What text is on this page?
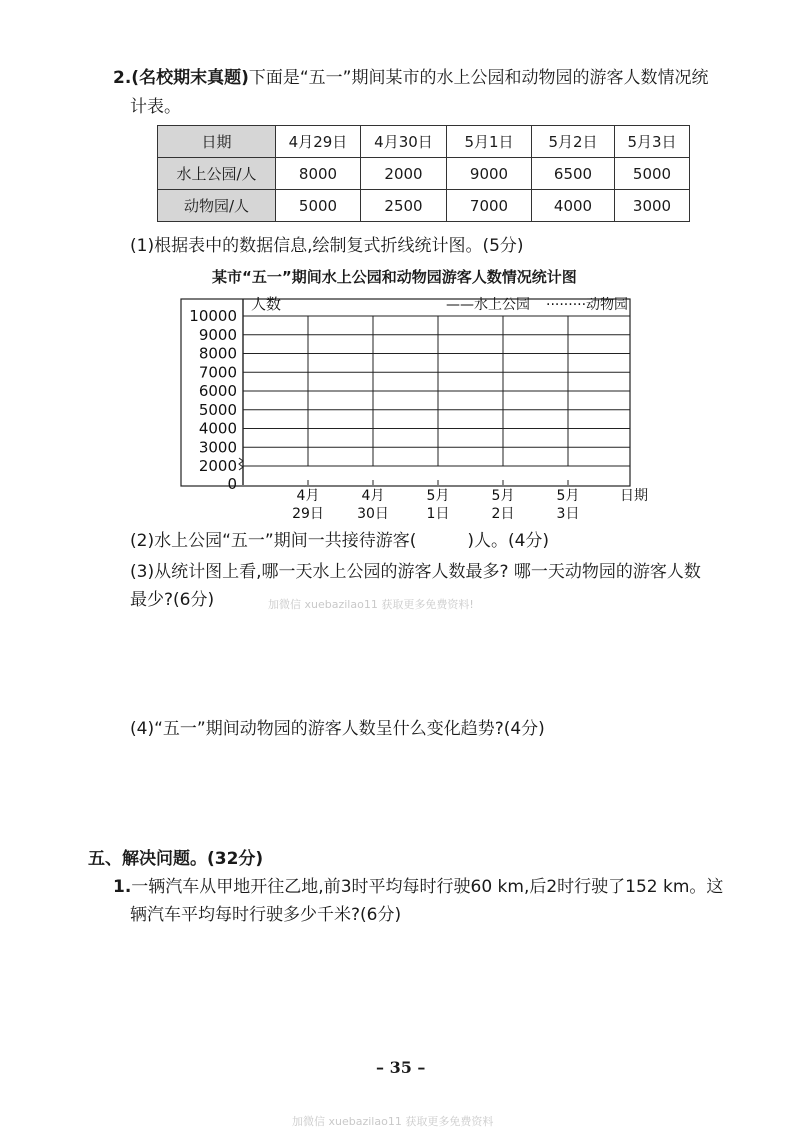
2.(名校期末真题)下面是“五一”期间某市的水上公园和动物园的游客人数情况统
计表。
日期	4月29日	4月30日	5月1日	5月2日	5月3日
水上公园/人	8000	2000	9000	6500	5000
动物园/人	5000	2500	7000	4000	3000
(1)根据表中的数据信息,绘制复式折线统计图。(5分)
某市“五一”期间水上公园和动物园游客人数情况统计图
10000
9000
8000
7000
6000
5000
4000
3000
2000
0
人数	——水上公园 ·········动物园
4月
29日
4月
30日
5月
1日
5月
2日
5月
3日
日期
(2)水上公园“五一”期间一共接待游客(　　　)人。(4分)
(3)从统计图上看,哪一天水上公园的游客人数最多? 哪一天动物园的游客人数
最少?(6分)	加微信 xuebazilao11 获取更多免费资料!
(4)“五一”期间动物园的游客人数呈什么变化趋势?(4分)
五、解决问题。(32分)
1.一辆汽车从甲地开往乙地,前3时平均每时行驶60 km,后2时行驶了152 km。这
辆汽车平均每时行驶多少千米?(6分)
– 35 –
加微信 xuebazilao11 获取更多免费资料
